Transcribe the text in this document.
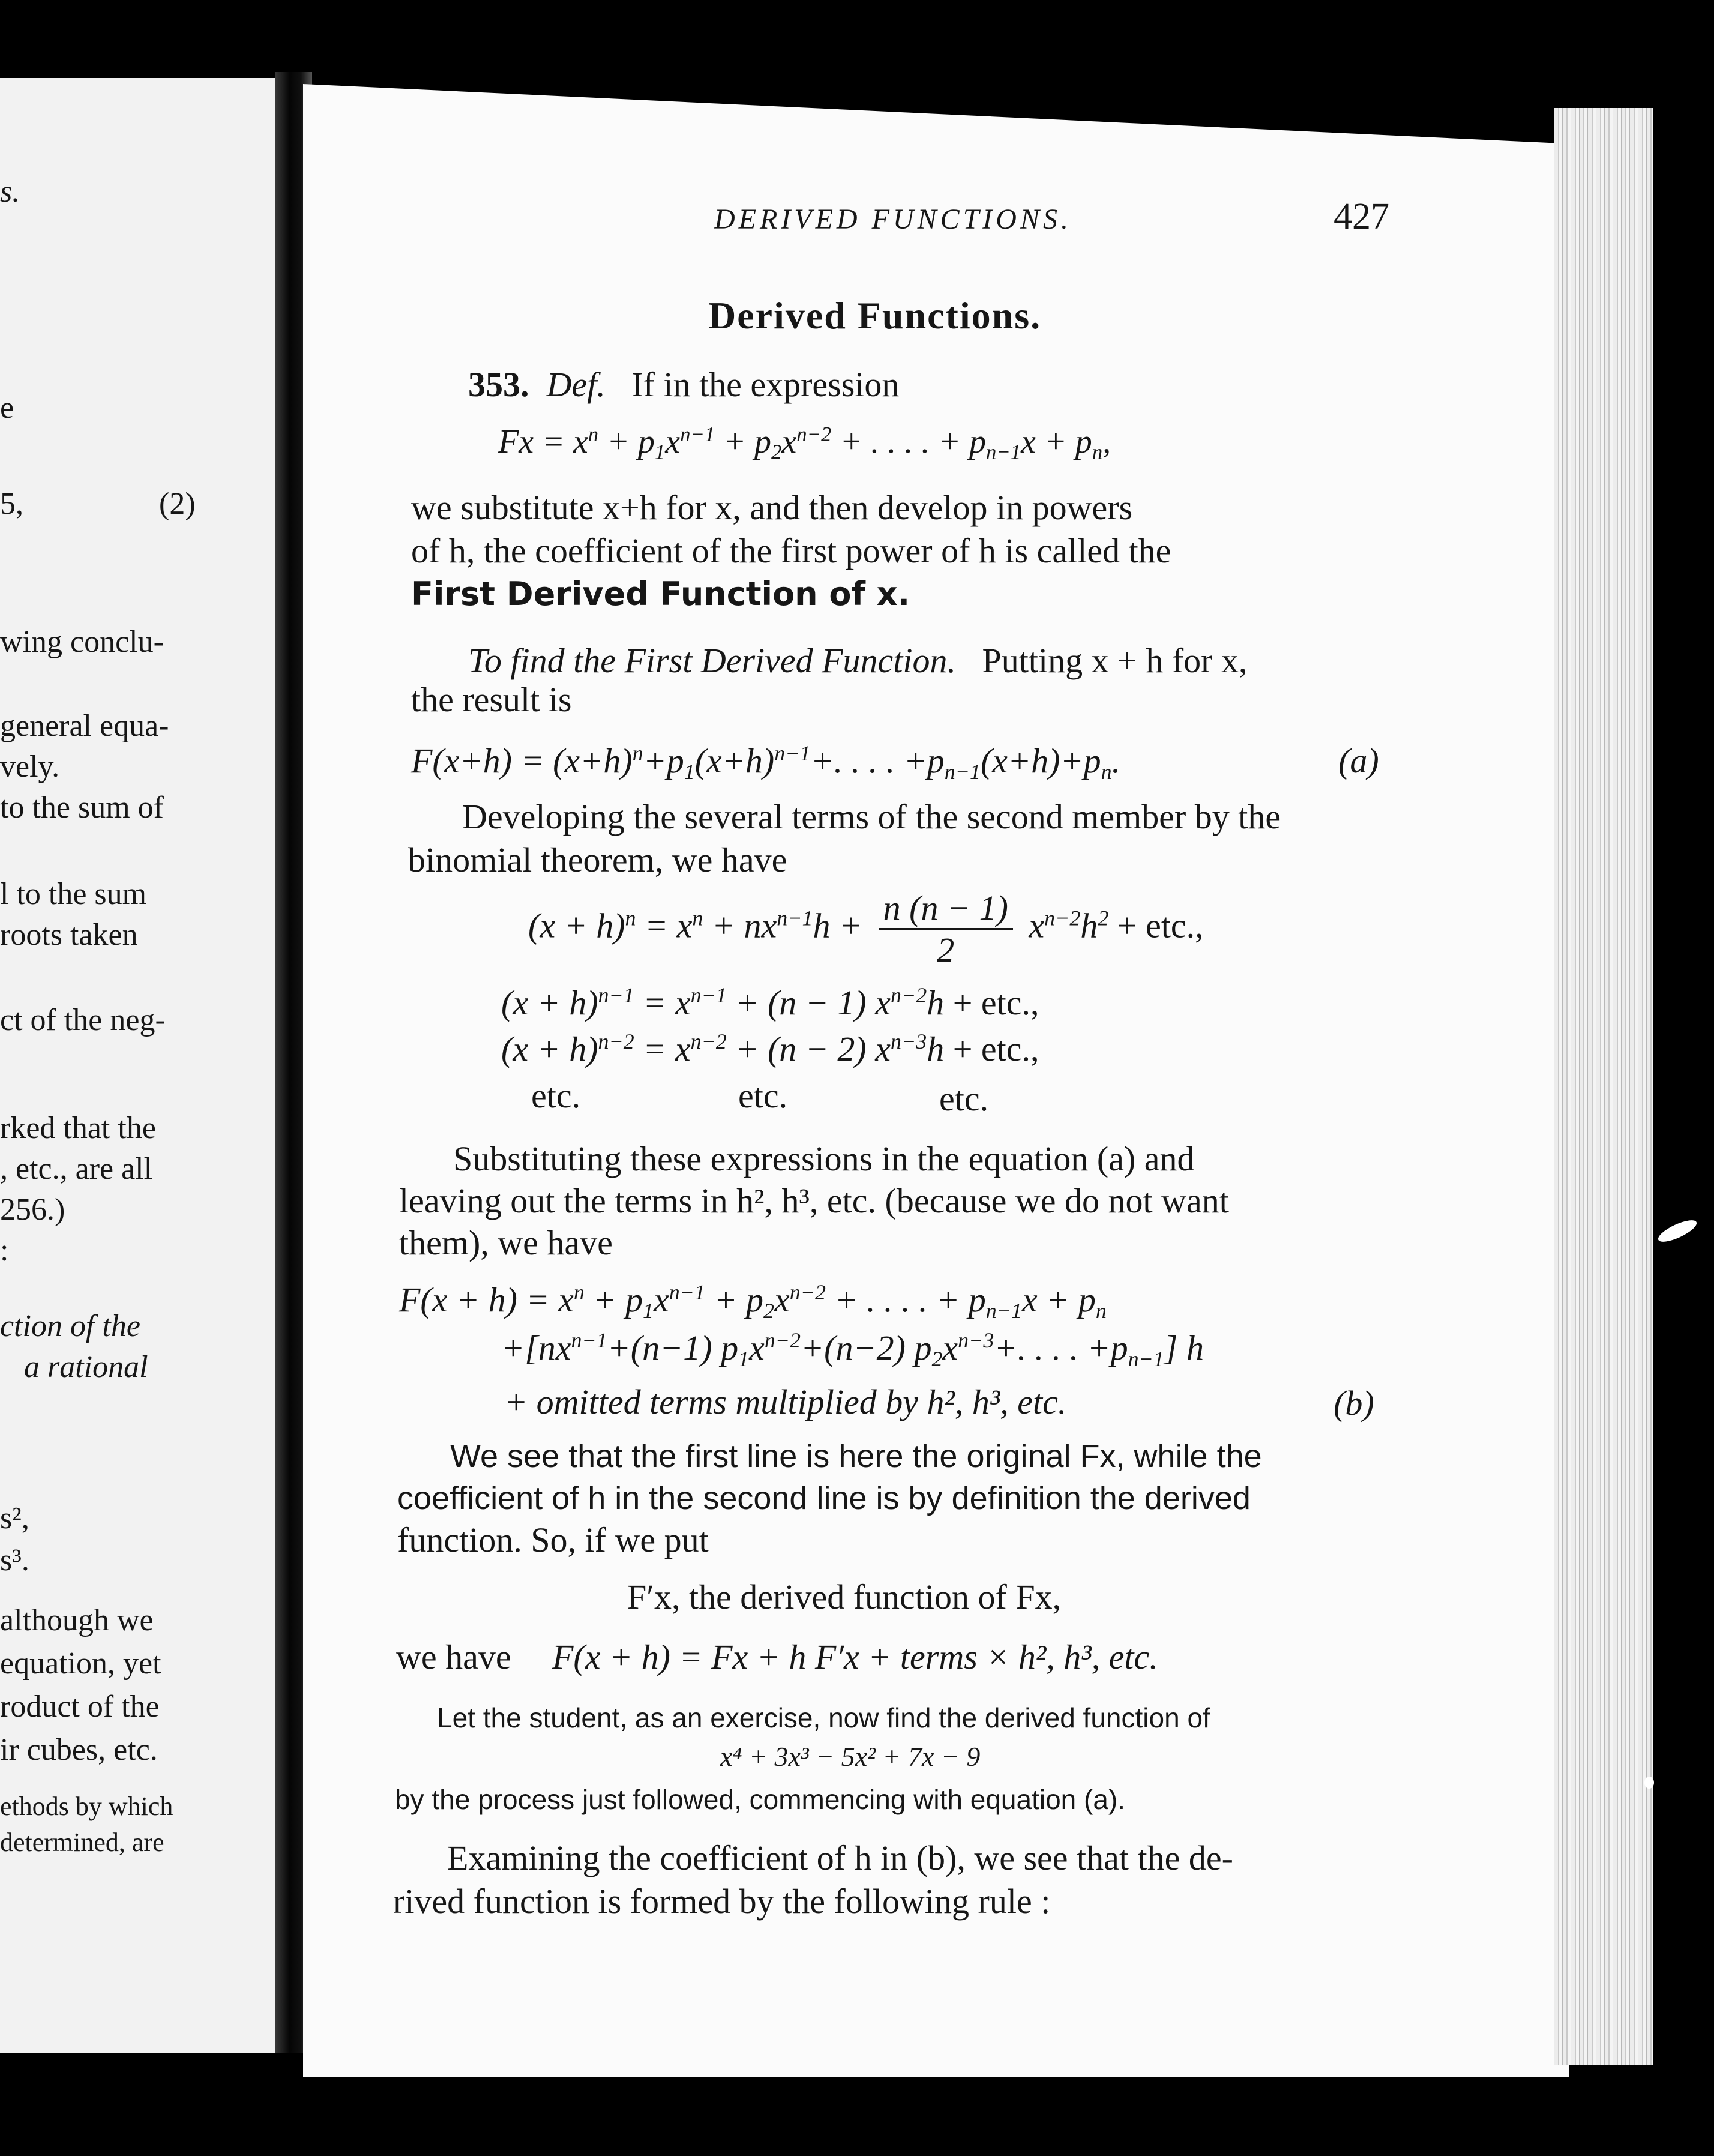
s.
e
5,	(2)
wing conclu-
general equa-
vely.
to the sum of
l to the sum
roots taken
ct of the neg-
rked that the
, etc., are all
256.)
:
ction of the
a rational
s²,
s³.
although we
equation, yet
roduct of the
ir cubes, etc.
ethods by which
determined, are
DERIVED FUNCTIONS.	427
Derived Functions.
353. Def. If in the expression
$Fx = x^n + p_1x^{n-1} + p_2x^{n-2}$ + . . . . + $p_{n-1}x + p_n$,
we substitute x+h for x, and then develop in powers
of h, the coefficient of the first power of h is called the
First Derived Function of x.
To find the First Derived Function. Putting x + h for x,
the result is
$F(x+h) = (x+h)^n+p_1(x+h)^{n-1}+$. . . . $+p_{n-1}(x+h)+p_n$.	(a)
Developing the several terms of the second member by the
binomial theorem, we have
$(x + h)^n = x^n + nx^{n-1}h + \frac{n (n - 1)}{2} x^{n-2}h^2$ + etc.,
$(x + h)^{n-1} = x^{n-1} + (n - 1)$ $x^{n-2}h$ + etc.,
$(x + h)^{n-2} = x^{n-2} + (n - 2)$ $x^{n-3}h$ + etc.,
etc.	etc.	etc.
Substituting these expressions in the equation (a) and
leaving out the terms in h², h³, etc. (because we do not want
them), we have
$F(x + h) = x^n + p_1x^{n-1} + p_2x^{n-2}$ + . . . . + $p_{n-1}x + p_n$
$+[nx^{n-1}+(n-1)$ $p_1x^{n-2}+(n-2)$ $p_2x^{n-3}+$. . . . $+p_{n-1}$] h
+ omitted terms multiplied by h², h³, etc.	(b)
We see that the first line is here the original Fx, while the
coefficient of h in the second line is by definition the derived
function. So, if we put
F′x, the derived function of Fx,
we have F(x + h) = Fx + h F′x + terms × h², h³, etc.
Let the student, as an exercise, now find the derived function of
x⁴ + 3x³ − 5x² + 7x − 9
by the process just followed, commencing with equation (a).
Examining the coefficient of h in (b), we see that the de-
rived function is formed by the following rule :
